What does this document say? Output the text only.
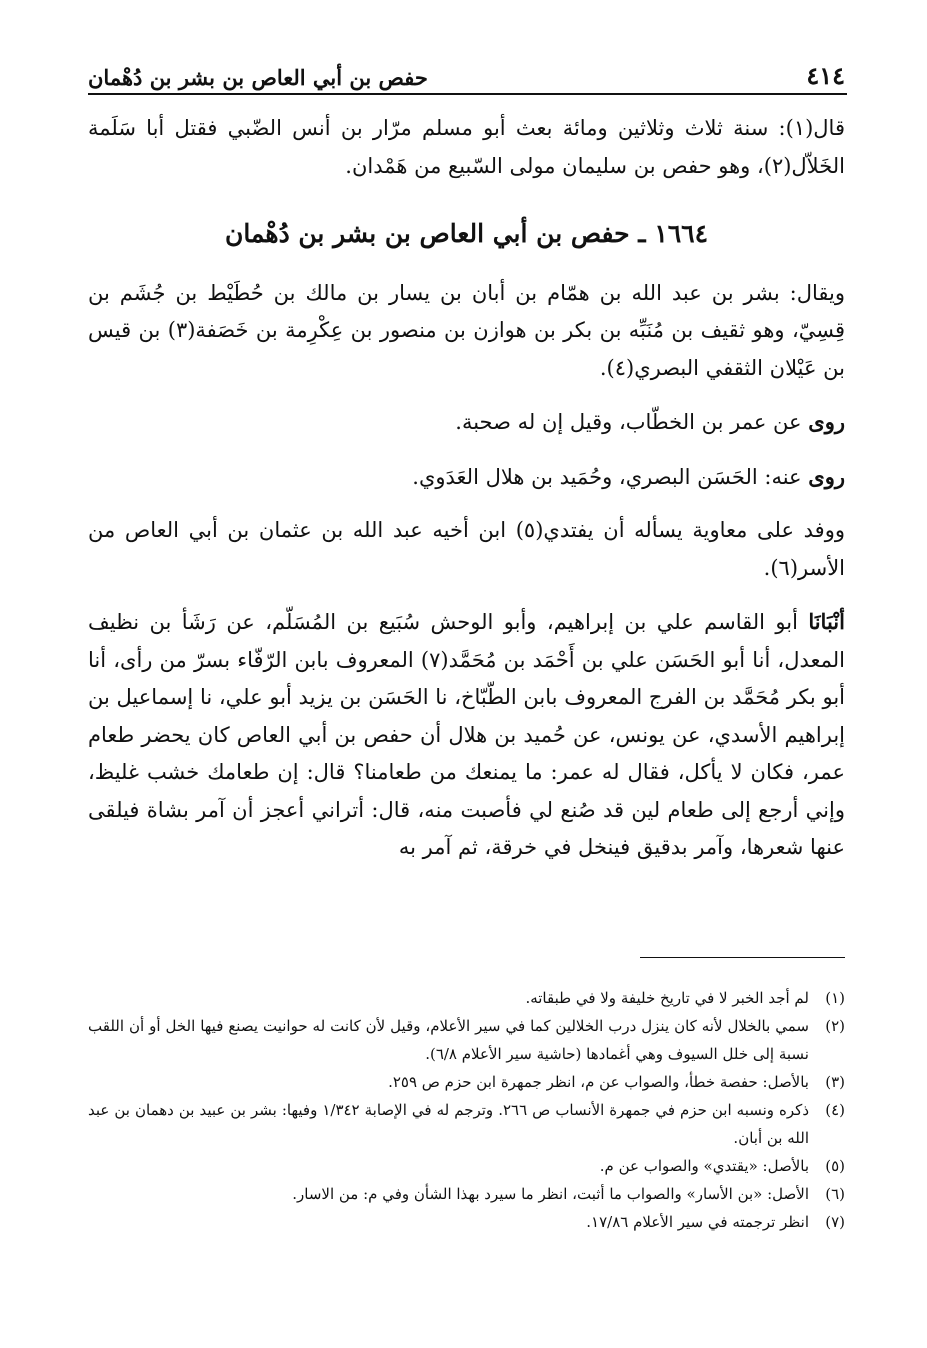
٤١٤
حفص بن أبي العاص بن بشر بن دُهْمان

قال(١): سنة ثلاث وثلاثين ومائة بعث أبو مسلم مرّار بن أنس الضّبي فقتل أبا سَلَمة الخَلاّل(٢)، وهو حفص بن سليمان مولى السّبيع من هَمْدان.

١٦٦٤ ـ حفص بن أبي العاص بن بشر بن دُهْمان

ويقال: بشر بن عبد الله بن همّام بن أبان بن يسار بن مالك بن حُطَيْط بن جُشَم بن قِسِيّ، وهو ثقيف بن مُنَبِّه بن بكر بن هوازن بن منصور بن عِكْرِمة بن خَصَفة(٣) بن قيس بن عَيْلان الثقفي البصري(٤).

روى عن عمر بن الخطّاب، وقيل إن له صحبة.

روى عنه: الحَسَن البصري، وحُمَيد بن هلال العَدَوي.

ووفد على معاوية يسأله أن يفتدي(٥) ابن أخيه عبد الله بن عثمان بن أبي العاص من الأسر(٦).

أنْبَانَا أبو القاسم علي بن إبراهيم، وأبو الوحش سُبَيع بن المُسَلّم، عن رَشَأ بن نظيف المعدل، أنا أبو الحَسَن علي بن أَحْمَد بن مُحَمَّد(٧) المعروف بابن الرّفّاء بسرّ من رأى، أنا أبو بكر مُحَمَّد بن الفرج المعروف بابن الطّبّاخ، نا الحَسَن بن يزيد أبو علي، نا إسماعيل بن إبراهيم الأسدي، عن يونس، عن حُميد بن هلال أن حفص بن أبي العاص كان يحضر طعام عمر، فكان لا يأكل، فقال له عمر: ما يمنعك من طعامنا؟ قال: إن طعامك خشب غليظ، وإني أرجع إلى طعام لين قد صُنع لي فأصبت منه، قال: أتراني أعجز أن آمر بشاة فيلقى عنها شعرها، وآمر بدقيق فينخل في خرقة، ثم آمر به

(١)
لم أجد الخبر لا في تاريخ خليفة ولا في طبقاته.
(٢)
سمي بالخلال لأنه كان ينزل درب الخلالين كما في سير الأعلام، وقيل لأن كانت له حوانيت يصنع فيها الخل أو أن اللقب نسبة إلى خلل السيوف وهي أغمادها (حاشية سير الأعلام ٦/٨).
(٣)
بالأصل: حفصة خطأ، والصواب عن م، انظر جمهرة ابن حزم ص ٢٥٩.
(٤)
ذكره ونسبه ابن حزم في جمهرة الأنساب ص ٢٦٦. وترجم له في الإصابة ١/٣٤٢ وفيها: بشر بن عبيد بن دهمان بن عبد الله بن أبان.
(٥)
بالأصل: «يقتدي» والصواب عن م.
(٦)
الأصل: «بن الأسار» والصواب ما أثبت، انظر ما سيرد بهذا الشأن وفي م: من الاسار.
(٧)
انظر ترجمته في سير الأعلام ١٧/٨٦.
